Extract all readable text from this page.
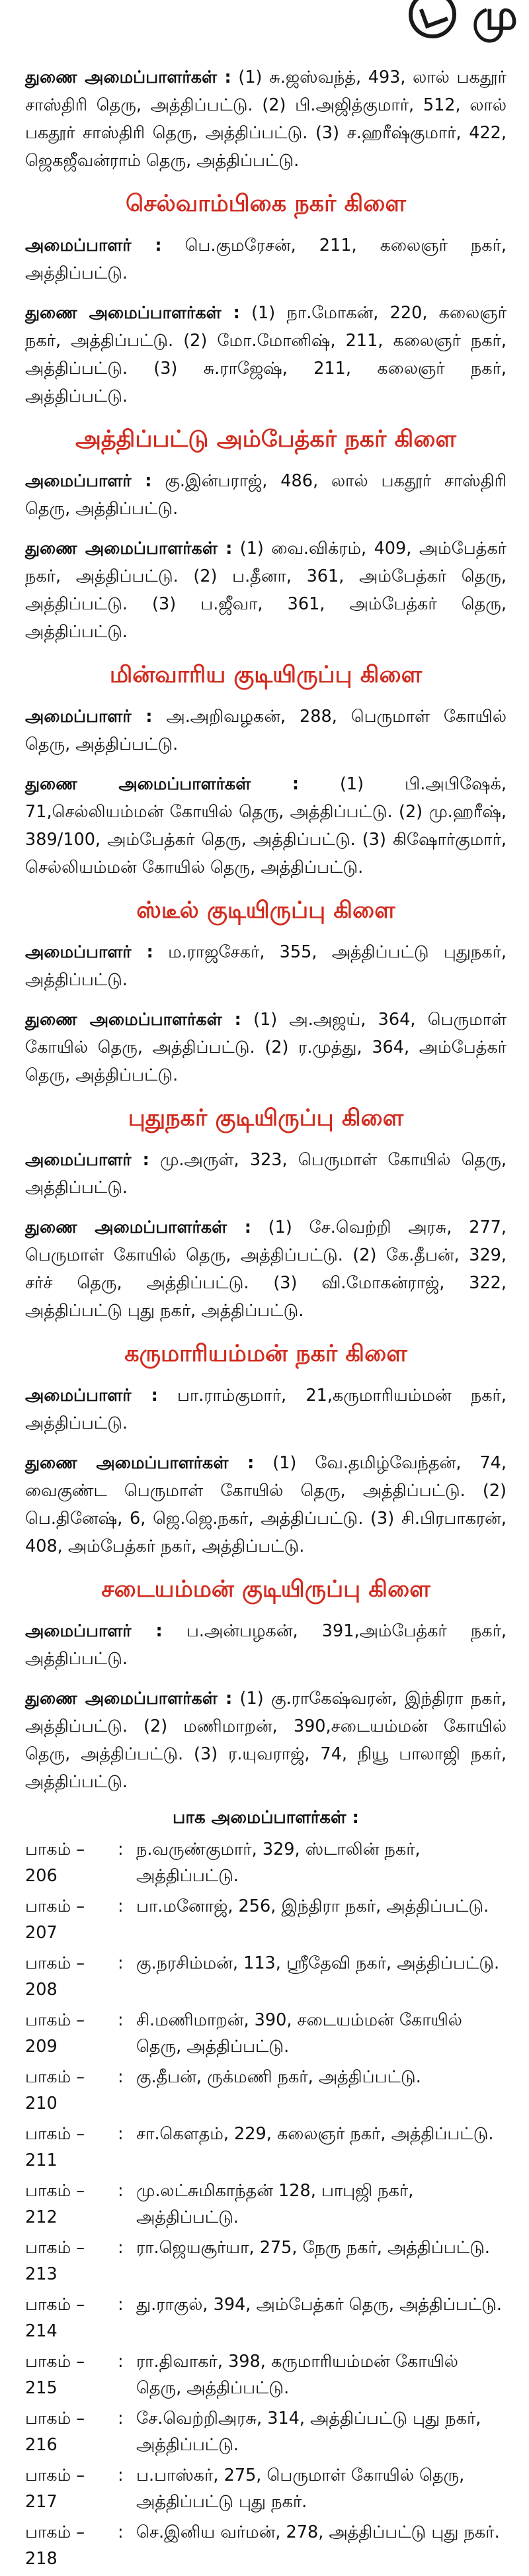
மு

துணை அமைப்பாளர்கள் : (1) சு.ஜஸ்வந்த், 493, லால் பகதூர் சாஸ்திரி தெரு, அத்திப்பட்டு. (2) பி.அஜித்குமார், 512, லால் பகதூர் சாஸ்திரி தெரு, அத்திப்பட்டு. (3) ச.ஹரீஷ்குமார், 422, ஜெகஜீவன்ராம் தெரு, அத்திப்பட்டு.

செல்வாம்பிகை நகர் கிளை

அமைப்பாளர் : பெ.குமரேசன், 211, கலைஞர் நகர், அத்திப்பட்டு.

துணை அமைப்பாளர்கள் : (1) நா.மோகன், 220, கலைஞர் நகர், அத்திப்பட்டு. (2) மோ.மோனிஷ், 211, கலைஞர் நகர், அத்திப்பட்டு. (3) சு.ராஜேஷ், 211, கலைஞர் நகர், அத்திப்பட்டு.

அத்திப்பட்டு அம்பேத்கர் நகர் கிளை

அமைப்பாளர் : கு.இன்பராஜ், 486, லால் பகதூர் சாஸ்திரி தெரு, அத்திப்பட்டு.

துணை அமைப்பாளர்கள் : (1) வை.விக்ரம், 409, அம்பேத்கர் நகர், அத்திப்பட்டு. (2) ப.தீனா, 361, அம்பேத்கர் தெரு, அத்திப்பட்டு. (3) ப.ஜீவா, 361, அம்பேத்கர் தெரு, அத்திப்பட்டு.

மின்வாரிய குடியிருப்பு கிளை

அமைப்பாளர் : அ.அறிவழகன், 288, பெருமாள் கோயில் தெரு, அத்திப்பட்டு.

துணை அமைப்பாளர்கள் : (1) பி.அபிஷேக், 71,செல்லியம்மன் கோயில் தெரு, அத்திப்பட்டு. (2) மு.ஹரீஷ், 389/100, அம்பேத்கர் தெரு, அத்திப்பட்டு. (3) கிஷோர்குமார், செல்லியம்மன் கோயில் தெரு, அத்திப்பட்டு.

ஸ்டீல் குடியிருப்பு கிளை

அமைப்பாளர் : ம.ராஜசேகர், 355, அத்திப்பட்டு புதுநகர், அத்திப்பட்டு.

துணை அமைப்பாளர்கள் : (1) அ.அஜய், 364, பெருமாள் கோயில் தெரு, அத்திப்பட்டு. (2) ர.முத்து, 364, அம்பேத்கர் தெரு, அத்திப்பட்டு.

புதுநகர் குடியிருப்பு கிளை

அமைப்பாளர் : மு.அருள், 323, பெருமாள் கோயில் தெரு, அத்திப்பட்டு.

துணை அமைப்பாளர்கள் : (1) சே.வெற்றி அரசு, 277, பெருமாள் கோயில் தெரு, அத்திப்பட்டு. (2) கே.தீபன், 329, சர்ச் தெரு, அத்திப்பட்டு. (3) வி.மோகன்ராஜ், 322, அத்திப்பட்டு புது நகர், அத்திப்பட்டு.

கருமாரியம்மன் நகர் கிளை

அமைப்பாளர் : பா.ராம்குமார், 21,கருமாரியம்மன் நகர், அத்திப்பட்டு.

துணை அமைப்பாளர்கள் : (1) வே.தமிழ்வேந்தன், 74, வைகுண்ட பெருமாள் கோயில் தெரு, அத்திப்பட்டு. (2) பெ.தினேஷ், 6, ஜெ.ஜெ.நகர், அத்திப்பட்டு. (3) சி.பிரபாகரன், 408, அம்பேத்கர் நகர், அத்திப்பட்டு.

சடையம்மன் குடியிருப்பு கிளை

அமைப்பாளர் : ப.அன்பழகன், 391,அம்பேத்கர் நகர், அத்திப்பட்டு.

துணை அமைப்பாளர்கள் : (1) கு.ராகேஷ்வரன், இந்திரா நகர், அத்திப்பட்டு. (2) மணிமாறன், 390,சடையம்மன் கோயில் தெரு, அத்திப்பட்டு. (3) ர.யுவராஜ், 74, நியூ பாலாஜி நகர், அத்திப்பட்டு.

பாக அமைப்பாளர்கள் :
பாகம் – 206
: ந.வருண்குமார், 329, ஸ்டாலின் நகர், அத்திப்பட்டு.
பாகம் – 207
: பா.மனோஜ், 256, இந்திரா நகர், அத்திப்பட்டு.
பாகம் – 208
: கு.நரசிம்மன், 113, ஸ்ரீதேவி நகர், அத்திப்பட்டு.
பாகம் – 209
: சி.மணிமாறன், 390, சடையம்மன் கோயில் தெரு, அத்திப்பட்டு.
பாகம் – 210
: கு.தீபன், ருக்மணி நகர், அத்திப்பட்டு.
பாகம் – 211
: சா.கௌதம், 229, கலைஞர் நகர், அத்திப்பட்டு.
பாகம் – 212
: மு.லட்சுமிகாந்தன் 128, பாபுஜி நகர், அத்திப்பட்டு.
பாகம் – 213
: ரா.ஜெயசூர்யா, 275, நேரு நகர், அத்திப்பட்டு.
பாகம் – 214
: து.ராகுல், 394, அம்பேத்கர் தெரு, அத்திப்பட்டு.
பாகம் – 215
: ரா.திவாகர், 398, கருமாரியம்மன் கோயில் தெரு, அத்திப்பட்டு.
பாகம் – 216
: சே.வெற்றிஅரசு, 314, அத்திப்பட்டு புது நகர், அத்திப்பட்டு.
பாகம் – 217
: ப.பாஸ்கர், 275, பெருமாள் கோயில் தெரு, அத்திப்பட்டு புது நகர்.
பாகம் – 218
: செ.இனிய வர்மன், 278, அத்திப்பட்டு புது நகர்.
